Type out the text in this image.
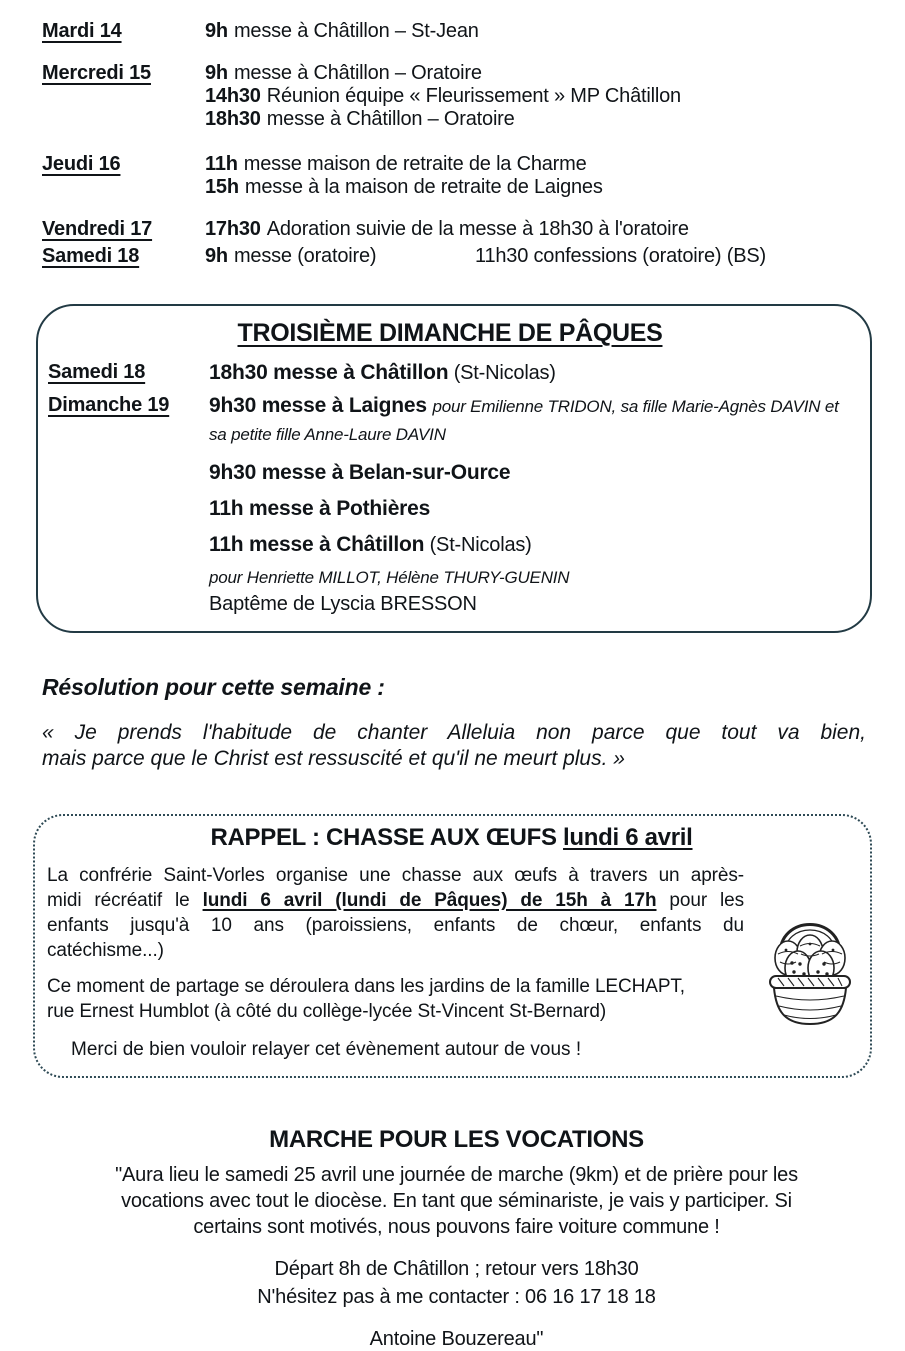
Mardi 14	9h messe à Châtillon – St-Jean
Mercredi 15	9h messe à Châtillon – Oratoire
14h30 Réunion équipe « Fleurissement » MP Châtillon
18h30 messe à Châtillon – Oratoire
Jeudi 16	11h messe maison de retraite de la Charme
15h messe à la maison de retraite de Laignes
Vendredi 17	17h30 Adoration suivie de la messe à 18h30 à l'oratoire
Samedi 18	9h messe (oratoire)	11h30 confessions (oratoire) (BS)
TROISIÈME DIMANCHE DE PÂQUES
Samedi 18	18h30 messe à Châtillon (St-Nicolas)
Dimanche 19	9h30 messe à Laignes pour Emilienne TRIDON, sa fille Marie-Agnès DAVIN et
sa petite fille Anne-Laure DAVIN
9h30 messe à Belan-sur-Ource
11h messe à Pothières
11h messe à Châtillon (St-Nicolas)
pour Henriette MILLOT, Hélène THURY-GUENIN
Baptême de Lyscia BRESSON
Résolution pour cette semaine :
« Je prends l'habitude de chanter Alleluia non parce que tout va bien,
mais parce que le Christ est ressuscité et qu'il ne meurt plus. »
RAPPEL : CHASSE AUX ŒUFS lundi 6 avril
La confrérie Saint-Vorles organise une chasse aux œufs à travers un après-
midi récréatif le lundi 6 avril (lundi de Pâques) de 15h à 17h pour les
enfants jusqu'à 10 ans (paroissiens, enfants de chœur, enfants du
catéchisme...)
Ce moment de partage se déroulera dans les jardins de la famille LECHAPT,
rue Ernest Humblot (à côté du collège-lycée St-Vincent St-Bernard)
Merci de bien vouloir relayer cet évènement autour de vous !
MARCHE POUR LES VOCATIONS
"Aura lieu le samedi 25 avril une journée de marche (9km) et de prière pour les
vocations avec tout le diocèse. En tant que séminariste, je vais y participer. Si
certains sont motivés, nous pouvons faire voiture commune !
Départ 8h de Châtillon ; retour vers 18h30
N'hésitez pas à me contacter : 06 16 17 18 18
Antoine Bouzereau"
